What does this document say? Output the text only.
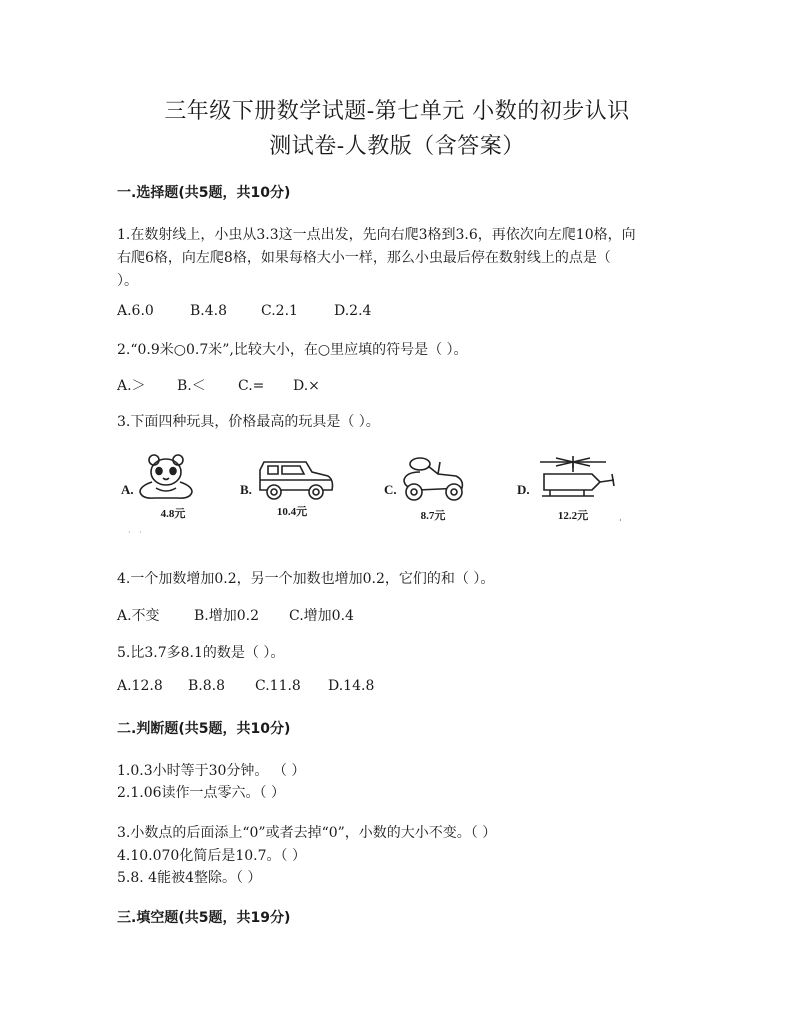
三年级下册数学试题-第七单元 小数的初步认识
测试卷-人教版（含答案）
一.选择题(共5题，共10分)
1.在数射线上，小虫从3.3这一点出发，先向右爬3格到3.6，再依次向左爬10格，向
右爬6格，向左爬8格，如果每格大小一样，那么小虫最后停在数射线上的点是（
）。
A.6.0	B.4.8 C.2.1	D.2.4
2.“0.9米○0.7米”,比较大小，在○里应填的符号是（ ）。
A.＞ B.＜ C.= D.×
3.下面四种玩具，价格最高的玩具是（ ）。
A.
4.8元
B.
10.4元
C.
8.7元
D.
12.2元
· ·
ˌ
4.一个加数增加0.2，另一个加数也增加0.2，它们的和（ ）。
A.不变 B.增加0.2 C.增加0.4
5.比3.7多8.1的数是（ ）。
A.12.8 B.8.8 C.11.8 D.14.8
二.判断题(共5题，共10分)
1.0.3小时等于30分钟。 （ ）
2.1.06读作一点零六。（ ）
3.小数点的后面添上“0”或者去掉“0”，小数的大小不变。（ ）
4.10.070化简后是10.7。（ ）
5.8. 4能被4整除。（ ）
三.填空题(共5题，共19分)
